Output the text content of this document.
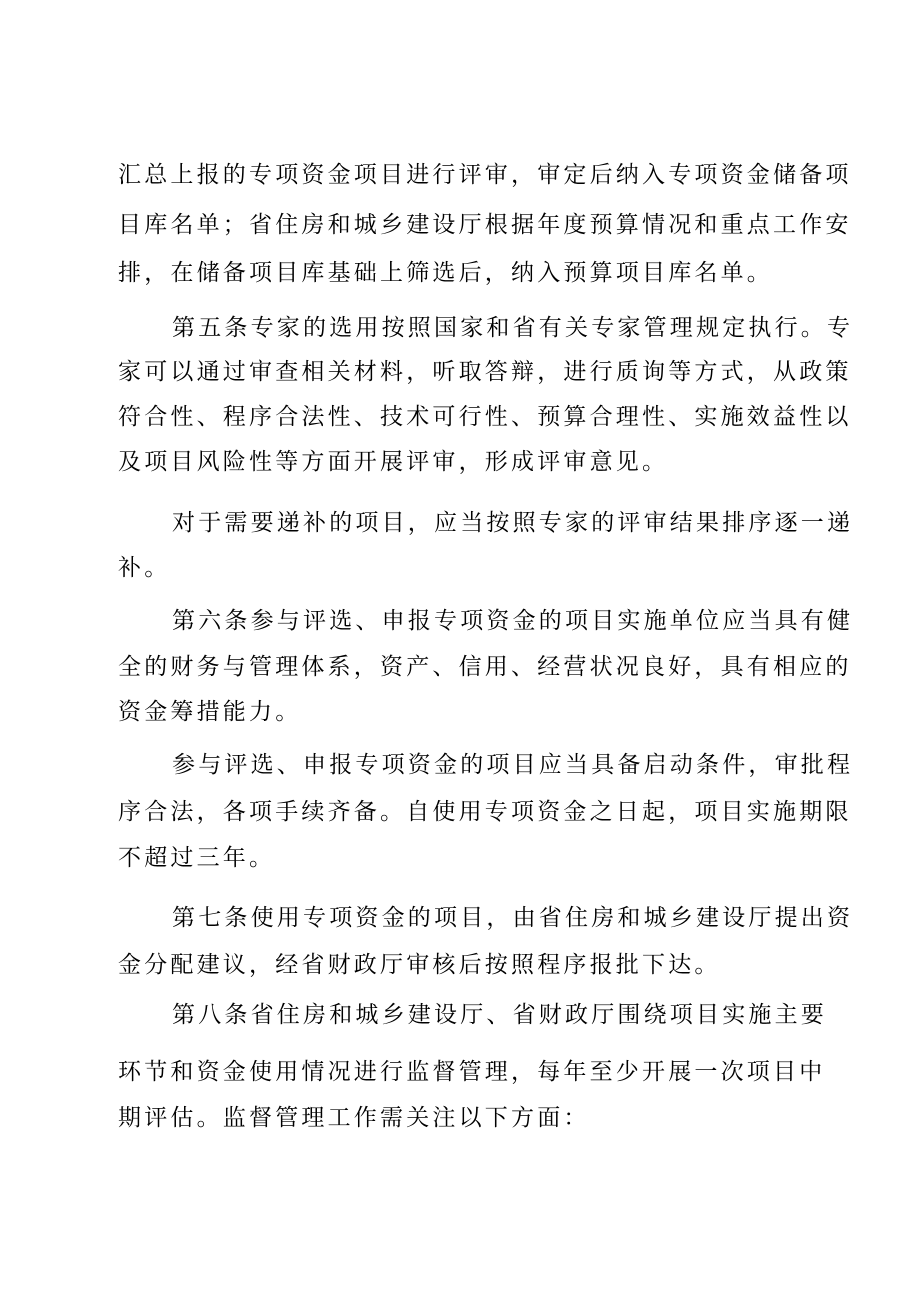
汇总上报的专项资金项目进行评审，审定后纳入专项资金储备项
目库名单；省住房和城乡建设厅根据年度预算情况和重点工作安
排，在储备项目库基础上筛选后，纳入预算项目库名单。
第五条专家的选用按照国家和省有关专家管理规定执行。专
家可以通过审查相关材料，听取答辩，进行质询等方式，从政策
符合性、程序合法性、技术可行性、预算合理性、实施效益性以
及项目风险性等方面开展评审，形成评审意见。
对于需要递补的项目，应当按照专家的评审结果排序逐一递
补。
第六条参与评选、申报专项资金的项目实施单位应当具有健
全的财务与管理体系，资产、信用、经营状况良好，具有相应的
资金筹措能力。
参与评选、申报专项资金的项目应当具备启动条件，审批程
序合法，各项手续齐备。自使用专项资金之日起，项目实施期限
不超过三年。
第七条使用专项资金的项目，由省住房和城乡建设厅提出资
金分配建议，经省财政厅审核后按照程序报批下达。
第八条省住房和城乡建设厅、省财政厅围绕项目实施主要
环节和资金使用情况进行监督管理，每年至少开展一次项目中
期评估。监督管理工作需关注以下方面：
